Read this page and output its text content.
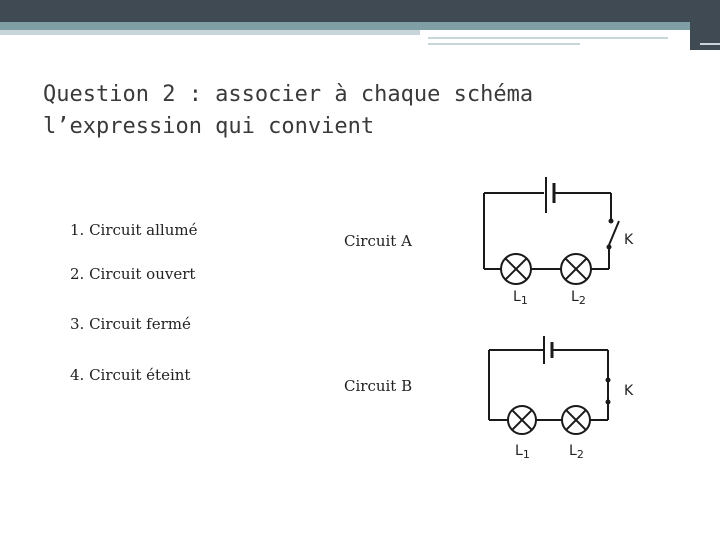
Question 2 : associer à chaque schéma
l’expression qui convient
1. Circuit allumé
2. Circuit ouvert
3. Circuit fermé
4. Circuit éteint
Circuit A
Circuit B
K
$L_1$	$L_2$
K
$L_1$	$L_2$
